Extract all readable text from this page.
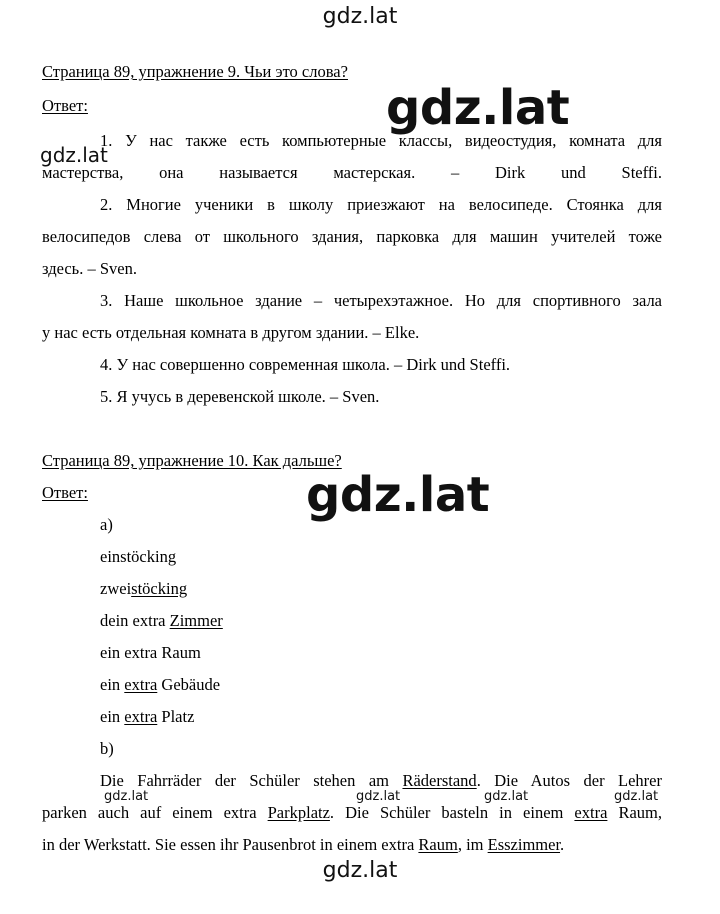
gdz.lat
Страница 89, упражнение 9. Чьи это слова?
Ответ:	gdz.lat
1. У нас также есть компьютерные классы, видеостудия, комната для
мастерства, она называется мастерская. – Dirk und Steffi.
gdz.lat
2. Многие ученики в школу приезжают на велосипеде. Стоянка для
велосипедов слева от школьного здания, парковка для машин учителей тоже
здесь. – Sven.
3. Наше школьное здание – четырехэтажное. Но для спортивного зала
у нас есть отдельная комната в другом здании. – Elke.
4. У нас совершенно современная школа. – Dirk und Steffi.
5. Я учусь в деревенской школе. – Sven.
Страница 89, упражнение 10. Как дальше?
Ответ:	gdz.lat
a)
einstöcking
zweistöcking
dein extra Zimmer
ein extra Raum
ein extra Gebäude
ein extra Platz
b)
Die Fahrräder der Schüler stehen am Räderstand. Die Autos der Lehrer
gdz.lat	gdz.lat	gdz.lat	gdz.lat
parken auch auf einem extra Parkplatz. Die Schüler basteln in einem extra Raum,
in der Werkstatt. Sie essen ihr Pausenbrot in einem extra Raum, im Esszimmer.
gdz.lat
